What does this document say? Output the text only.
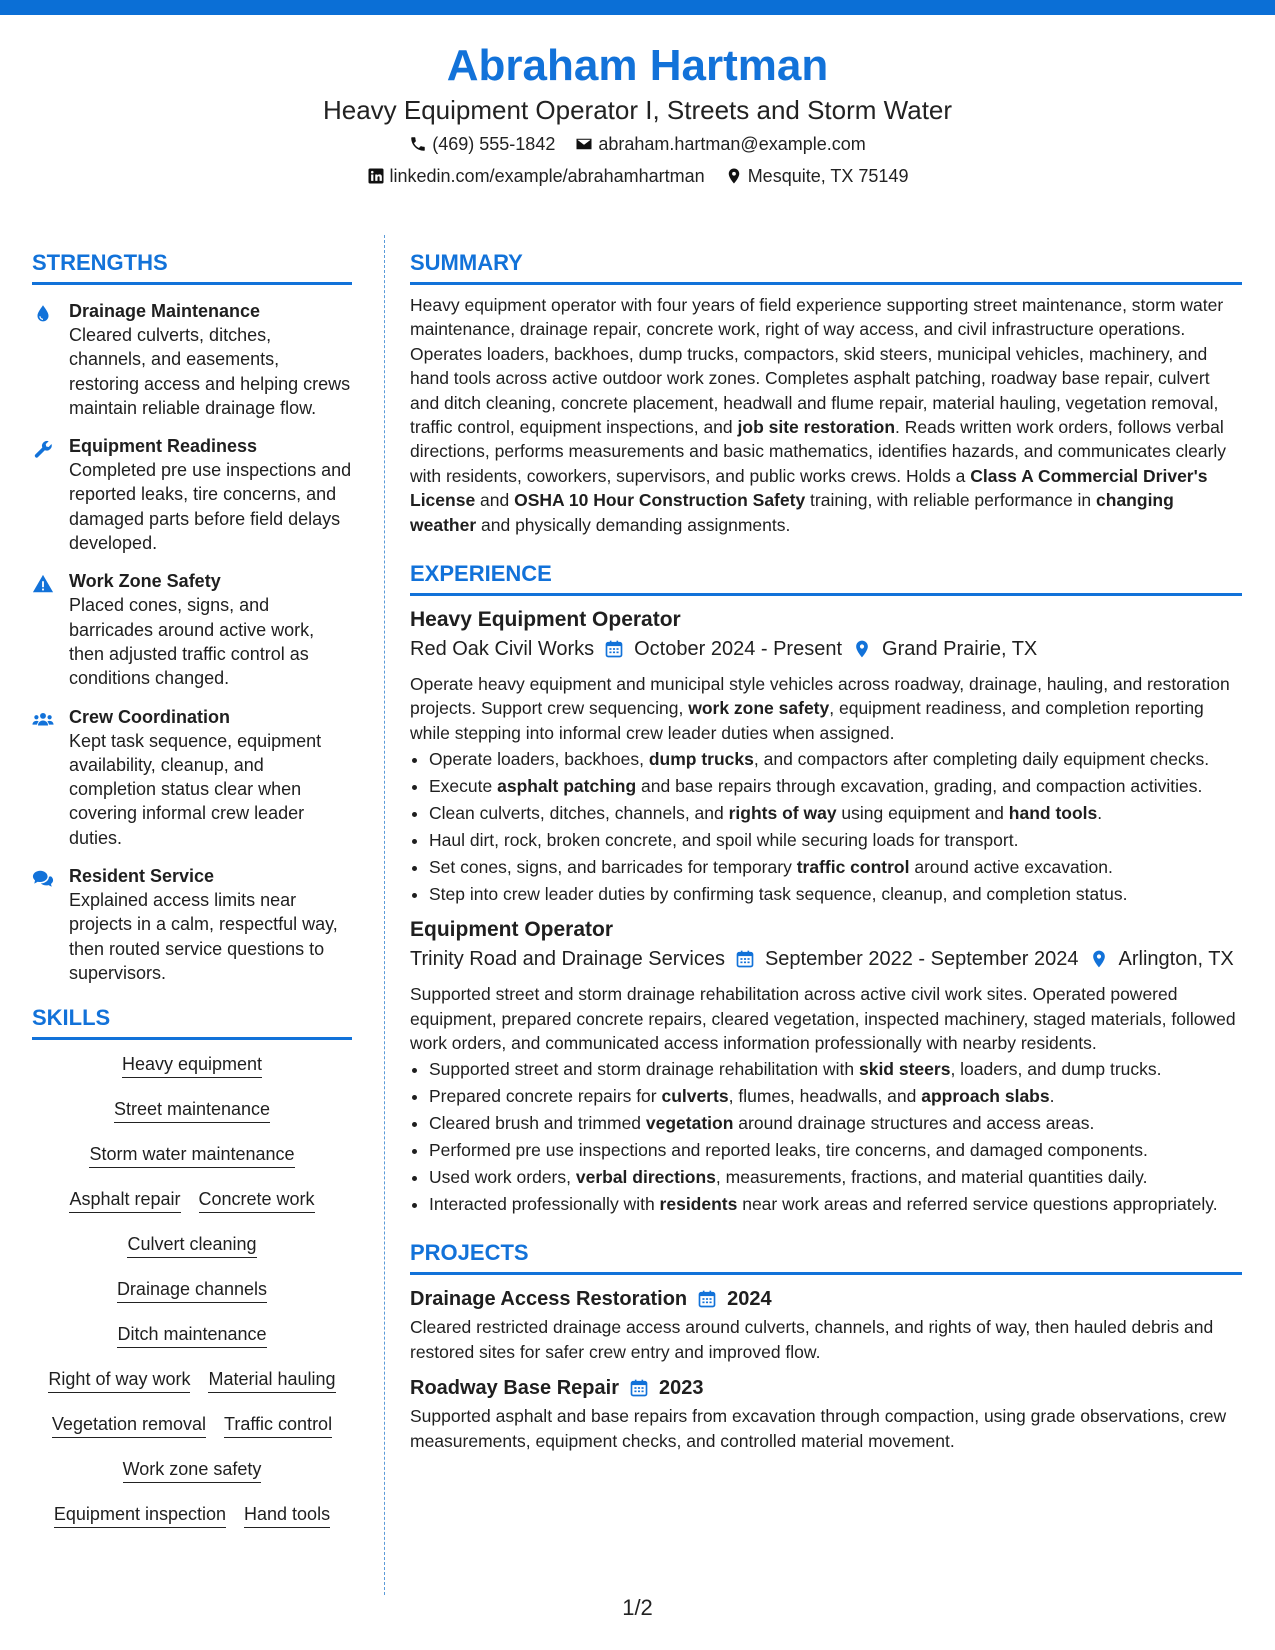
Abraham Hartman
Heavy Equipment Operator I, Streets and Storm Water
(469) 555-1842 abraham.hartman@example.com
linkedin.com/example/abrahamhartman Mesquite, TX 75149
STRENGTHS
Drainage Maintenance
Cleared culverts, ditches, channels, and easements, restoring access and helping crews maintain reliable drainage flow.
Equipment Readiness
Completed pre use inspections and reported leaks, tire concerns, and damaged parts before field delays developed.
Work Zone Safety
Placed cones, signs, and barricades around active work, then adjusted traffic control as conditions changed.
Crew Coordination
Kept task sequence, equipment availability, cleanup, and completion status clear when covering informal crew leader duties.
Resident Service
Explained access limits near projects in a calm, respectful way, then routed service questions to supervisors.
SKILLS
Heavy equipment
Street maintenance
Storm water maintenance
Asphalt repair Concrete work
Culvert cleaning
Drainage channels
Ditch maintenance
Right of way work Material hauling
Vegetation removal Traffic control
Work zone safety
Equipment inspection Hand tools
SUMMARY

Heavy equipment operator with four years of field experience supporting street maintenance, storm water maintenance, drainage repair, concrete work, right of way access, and civil infrastructure operations. Operates loaders, backhoes, dump trucks, compactors, skid steers, municipal vehicles, machinery, and hand tools across active outdoor work zones. Completes asphalt patching, roadway base repair, culvert and ditch cleaning, concrete placement, headwall and flume repair, material hauling, vegetation removal, traffic control, equipment inspections, and job site restoration. Reads written work orders, follows verbal directions, performs measurements and basic mathematics, identifies hazards, and communicates clearly with residents, coworkers, supervisors, and public works crews. Holds a Class A Commercial Driver's License and OSHA 10 Hour Construction Safety training, with reliable performance in changing weather and physically demanding assignments.

EXPERIENCE
Heavy Equipment Operator
Red Oak Civil Works October 2024 - Present Grand Prairie, TX

Operate heavy equipment and municipal style vehicles across roadway, drainage, hauling, and restoration projects. Support crew sequencing, work zone safety, equipment readiness, and completion reporting while stepping into informal crew leader duties when assigned.

• Operate loaders, backhoes, dump trucks, and compactors after completing daily equipment checks.
• Execute asphalt patching and base repairs through excavation, grading, and compaction activities.
• Clean culverts, ditches, channels, and rights of way using equipment and hand tools.
• Haul dirt, rock, broken concrete, and spoil while securing loads for transport.
• Set cones, signs, and barricades for temporary traffic control around active excavation.
• Step into crew leader duties by confirming task sequence, cleanup, and completion status.
Equipment Operator
Trinity Road and Drainage Services September 2022 - September 2024 Arlington, TX

Supported street and storm drainage rehabilitation across active civil work sites. Operated powered equipment, prepared concrete repairs, cleared vegetation, inspected machinery, staged materials, followed work orders, and communicated access information professionally with nearby residents.

• Supported street and storm drainage rehabilitation with skid steers, loaders, and dump trucks.
• Prepared concrete repairs for culverts, flumes, headwalls, and approach slabs.
• Cleared brush and trimmed vegetation around drainage structures and access areas.
• Performed pre use inspections and reported leaks, tire concerns, and damaged components.
• Used work orders, verbal directions, measurements, fractions, and material quantities daily.
• Interacted professionally with residents near work areas and referred service questions appropriately.
PROJECTS
Drainage Access Restoration 2024

Cleared restricted drainage access around culverts, channels, and rights of way, then hauled debris and restored sites for safer crew entry and improved flow.

Roadway Base Repair 2023

Supported asphalt and base repairs from excavation through compaction, using grade observations, crew measurements, equipment checks, and controlled material movement.

1/2
